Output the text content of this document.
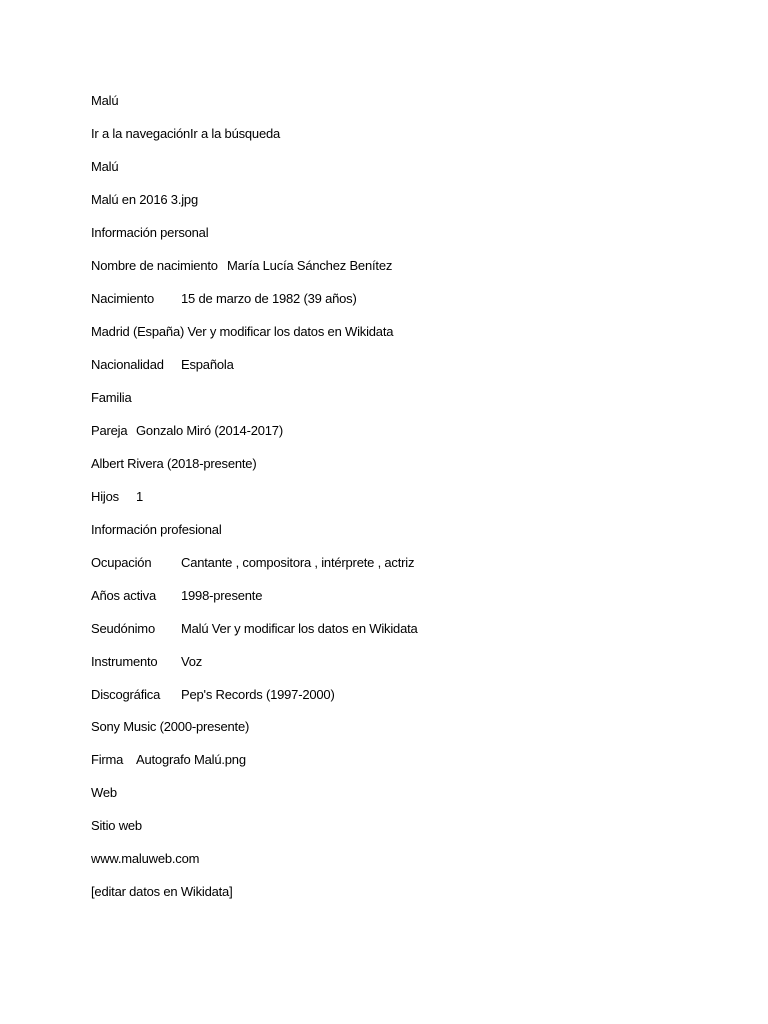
Malú
Ir a la navegaciónIr a la búsqueda
Malú
Malú en 2016 3.jpg
Información personal
Nombre de nacimiento María Lucía Sánchez Benítez
Nacimiento 15 de marzo de 1982 (39 años)
Madrid (España) Ver y modificar los datos en Wikidata
Nacionalidad Española
Familia
Pareja Gonzalo Miró (2014-2017)
Albert Rivera (2018-presente)
Hijos 1
Información profesional
Ocupación Cantante , compositora , intérprete , actriz
Años activa 1998-presente
Seudónimo Malú Ver y modificar los datos en Wikidata
Instrumento Voz
Discográfica Pep's Records (1997-2000)
Sony Music (2000-presente)
Firma Autografo Malú.png
Web
Sitio web
www.maluweb.com
[editar datos en Wikidata]
